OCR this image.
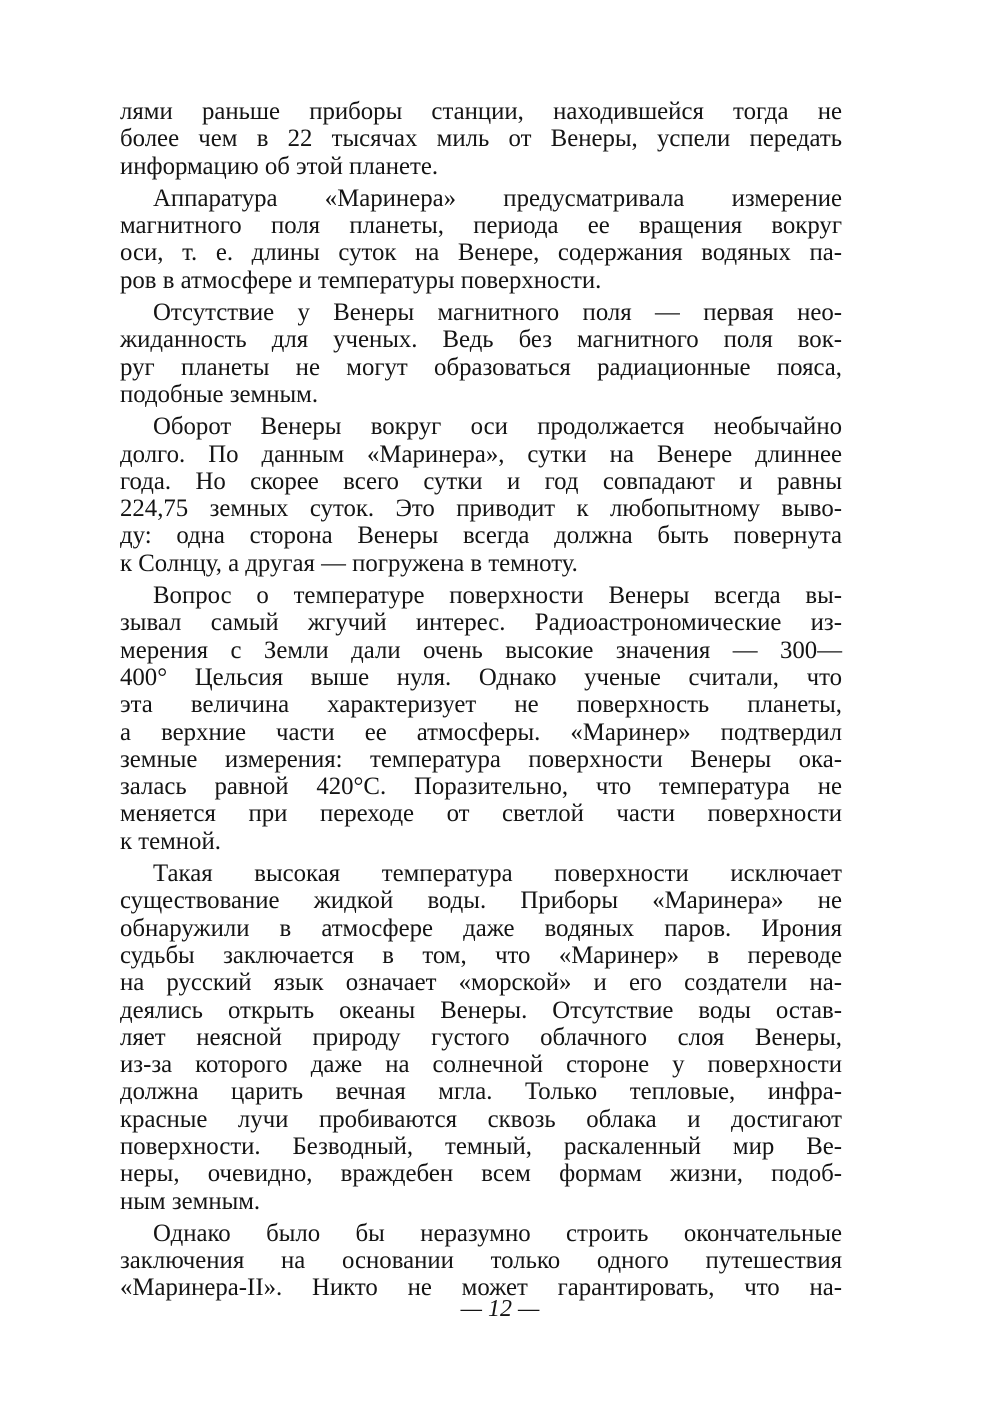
лями раньше приборы станции, находившейся тогда не
более чем в 22 тысячах миль от Венеры, успели передать
информацию об этой планете.

Аппаратура «Маринера» предусматривала измерение
магнитного поля планеты, периода ее вращения вокруг
оси, т. е. длины суток на Венере, содержания водяных па-
ров в атмосфере и температуры поверхности.

Отсутствие у Венеры магнитного поля — первая нео-
жиданность для ученых. Ведь без магнитного поля вок-
руг планеты не могут образоваться радиационные пояса,
подобные земным.

Оборот Венеры вокруг оси продолжается необычайно
долго. По данным «Маринера», сутки на Венере длиннее
года. Но скорее всего сутки и год совпадают и равны
224,75 земных суток. Это приводит к любопытному выво-
ду: одна сторона Венеры всегда должна быть повернута
к Солнцу, а другая — погружена в темноту.

Вопрос о температуре поверхности Венеры всегда вы-
зывал самый жгучий интерес. Радиоастрономические из-
мерения с Земли дали очень высокие значения — 300—
400° Цельсия выше нуля. Однако ученые считали, что
эта величина характеризует не поверхность планеты,
а верхние части ее атмосферы. «Маринер» подтвердил
земные измерения: температура поверхности Венеры ока-
залась равной 420°С. Поразительно, что температура не
меняется при переходе от светлой части поверхности
к темной.

Такая высокая температура поверхности исключает
существование жидкой воды. Приборы «Маринера» не
обнаружили в атмосфере даже водяных паров. Ирония
судьбы заключается в том, что «Маринер» в переводе
на русский язык означает «морской» и его создатели на-
деялись открыть океаны Венеры. Отсутствие воды остав-
ляет неясной природу густого облачного слоя Венеры,
из-за которого даже на солнечной стороне у поверхности
должна царить вечная мгла. Только тепловые, инфра-
красные лучи пробиваются сквозь облака и достигают
поверхности. Безводный, темный, раскаленный мир Ве-
неры, очевидно, враждебен всем формам жизни, подоб-
ным земным.

Однако было бы неразумно строить окончательные
заключения на основании только одного путешествия
«Маринера-II». Никто не может гарантировать, что на-

— 12 —
